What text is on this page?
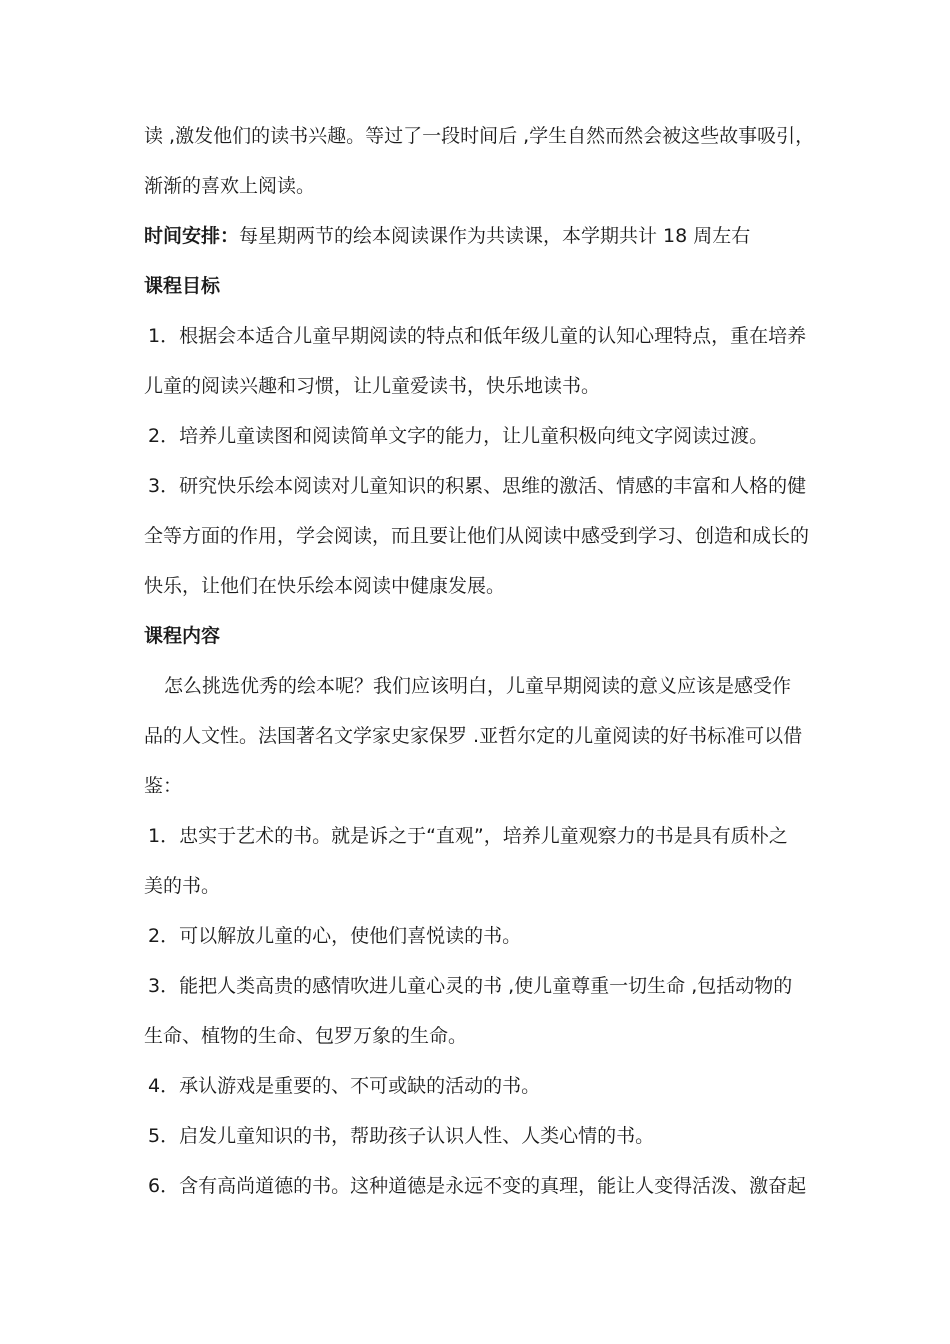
读 ,激发他们的读书兴趣。等过了一段时间后 ,学生自然而然会被这些故事吸引，
渐渐的喜欢上阅读。
时间安排：每星期两节的绘本阅读课作为共读课，本学期共计 18 周左右
课程目标
1．根据会本适合儿童早期阅读的特点和低年级儿童的认知心理特点，重在培养
儿童的阅读兴趣和习惯，让儿童爱读书，快乐地读书。
2．培养儿童读图和阅读简单文字的能力，让儿童积极向纯文字阅读过渡。
3．研究快乐绘本阅读对儿童知识的积累、思维的激活、情感的丰富和人格的健
全等方面的作用，学会阅读，而且要让他们从阅读中感受到学习、创造和成长的
快乐，让他们在快乐绘本阅读中健康发展。
课程内容
怎么挑选优秀的绘本呢？我们应该明白，儿童早期阅读的意义应该是感受作
品的人文性。法国著名文学家史家保罗 .亚哲尔定的儿童阅读的好书标准可以借
鉴：
1．忠实于艺术的书。就是诉之于“直观”，培养儿童观察力的书是具有质朴之
美的书。
2．可以解放儿童的心，使他们喜悦读的书。
3．能把人类高贵的感情吹进儿童心灵的书 ,使儿童尊重一切生命 ,包括动物的
生命、植物的生命、包罗万象的生命。
4．承认游戏是重要的、不可或缺的活动的书。
5．启发儿童知识的书，帮助孩子认识人性、人类心情的书。
6．含有高尚道德的书。这种道德是永远不变的真理，能让人变得活泼、激奋起
